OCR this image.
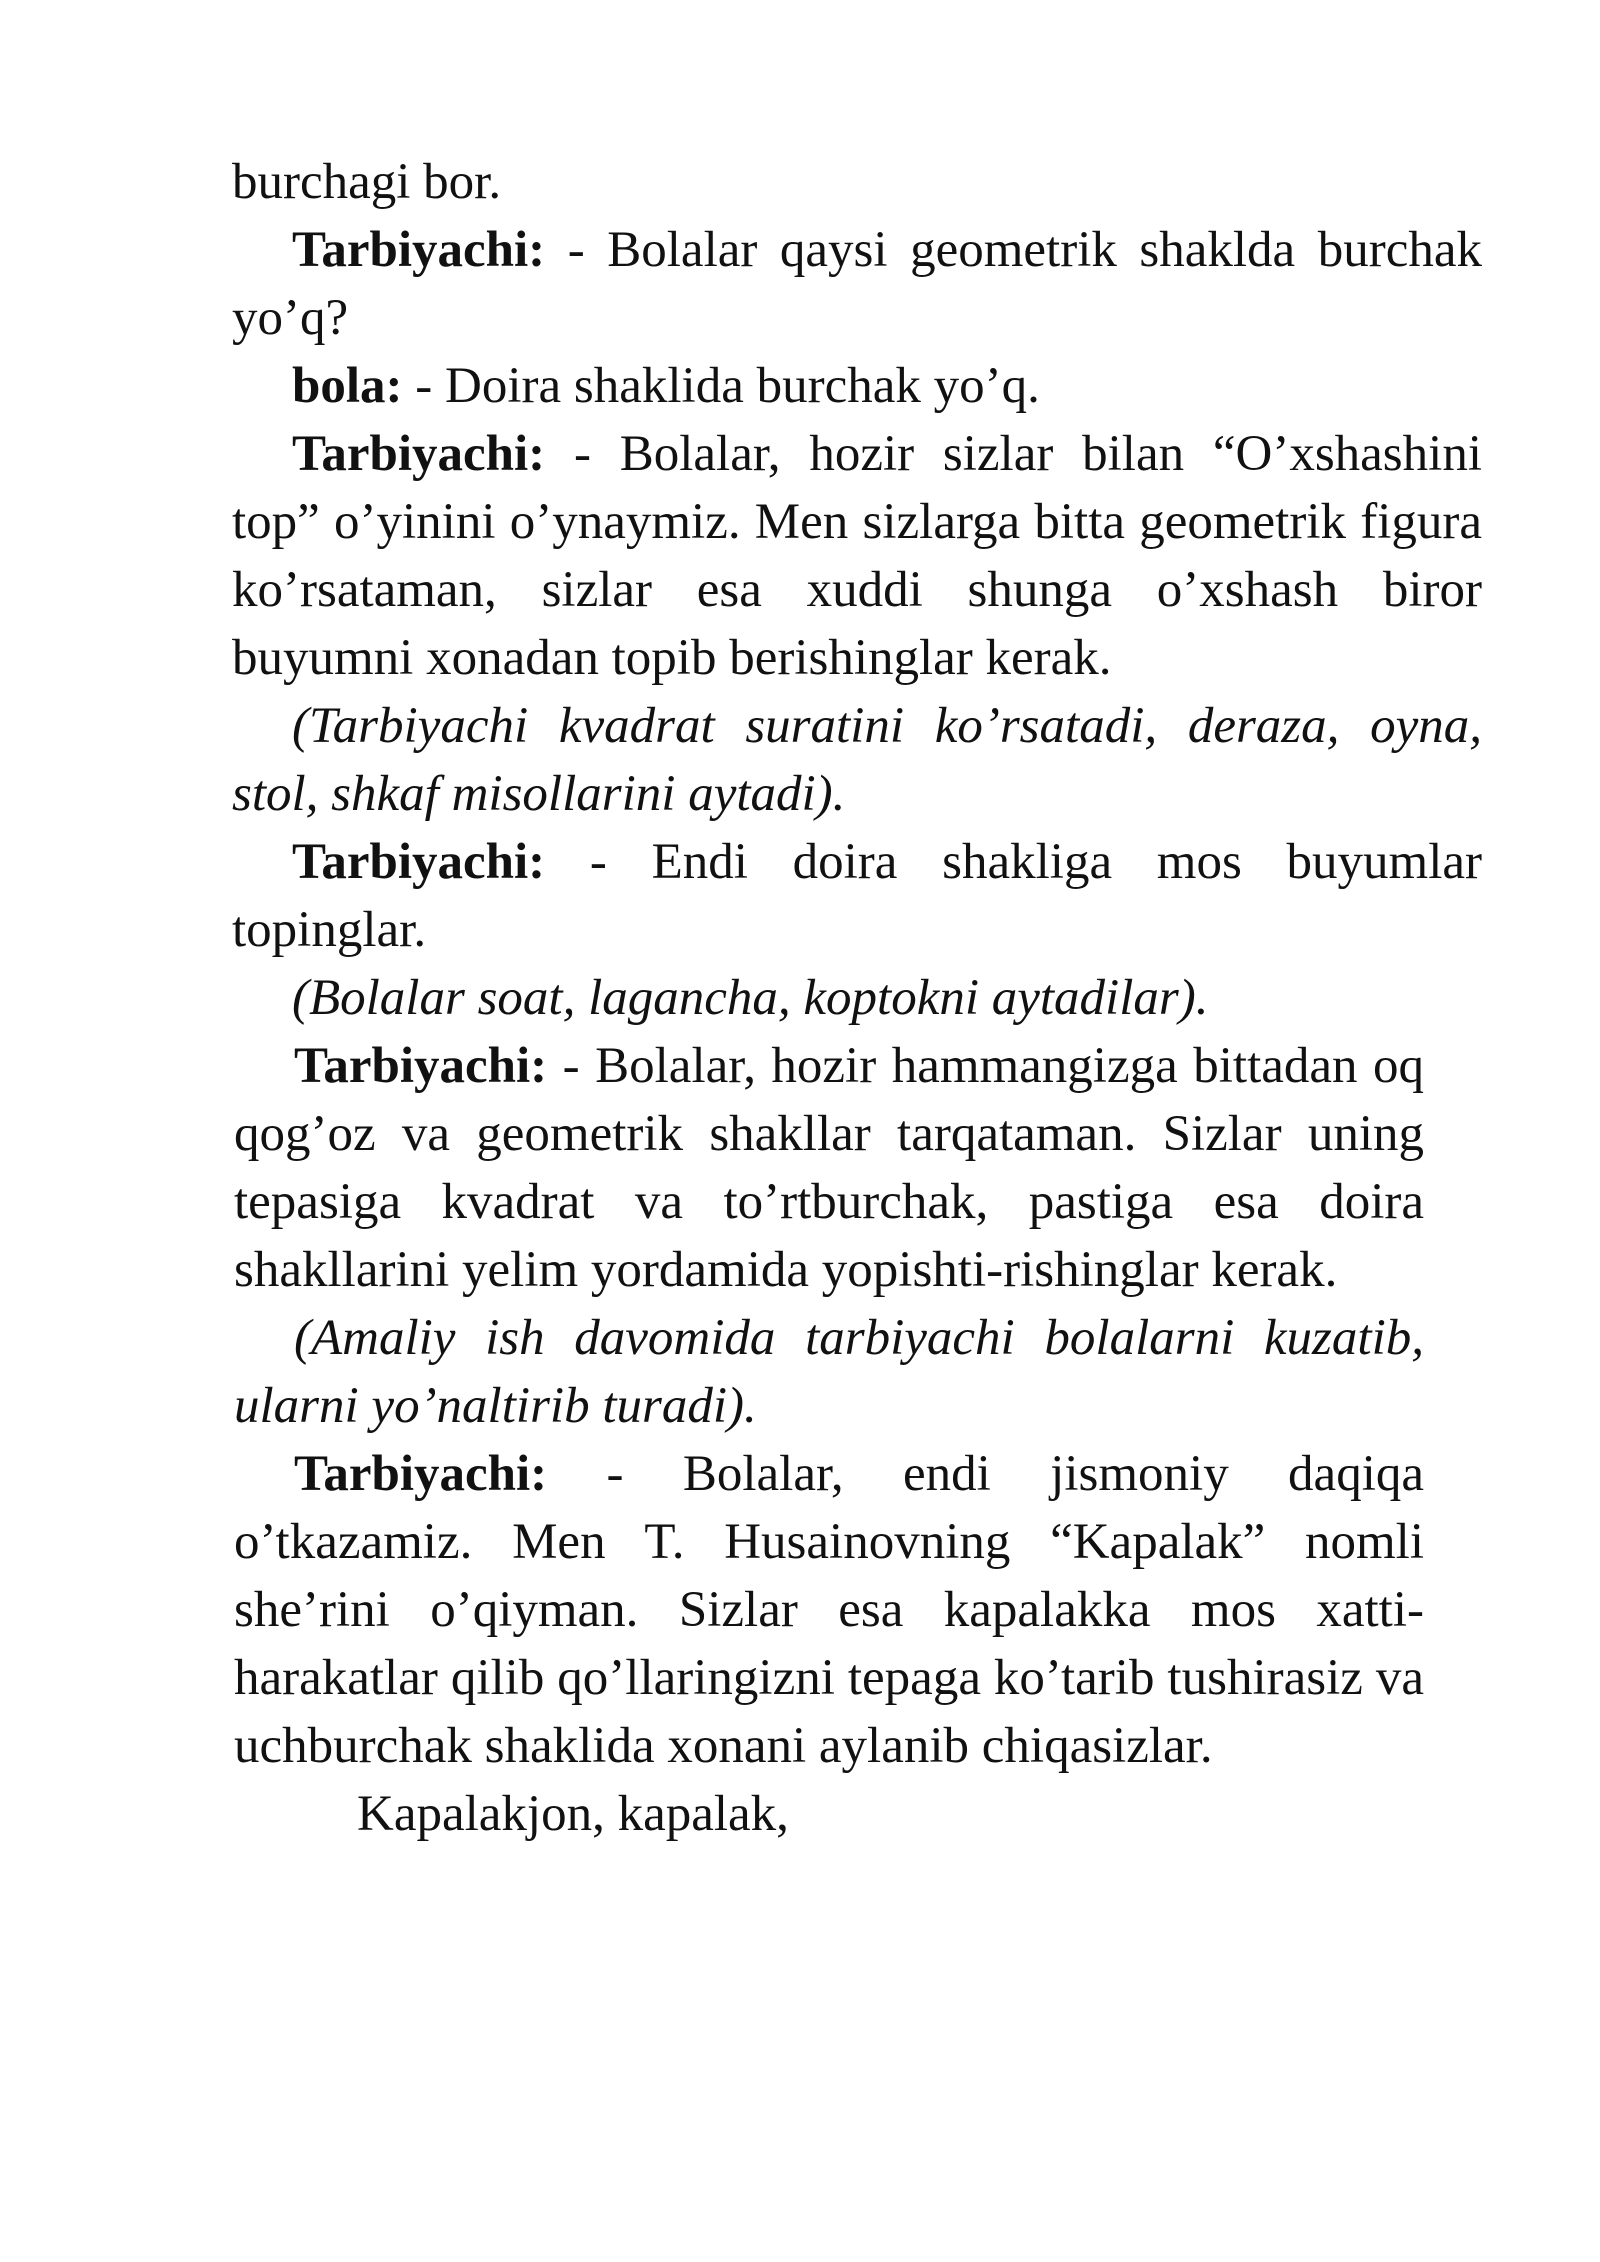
burchagi bor.

Tarbiyachi: - Bolalar qaysi geometrik shaklda burchak yo’q?

bola: - Doira shaklida burchak yo’q.

Tarbiyachi: - Bolalar, hozir sizlar bilan “O’xshashini top” o’yinini o’ynaymiz. Men sizlarga bitta geometrik figura ko’rsataman, sizlar esa xuddi shunga o’xshash biror buyumni xonadan topib berishinglar kerak.

(Tarbiyachi kvadrat suratini ko’rsatadi, deraza, oyna, stol, shkaf misollarini aytadi).

Tarbiyachi: - Endi doira shakliga mos buyumlar topinglar.

(Bolalar soat, lagancha, koptokni aytadilar).

Tarbiyachi: - Bolalar, hozir hammangizga bittadan oq qog’oz va geometrik shakllar tarqataman. Sizlar uning tepasiga kvadrat va to’rtburchak, pastiga esa doira shakllarini yelim yordamida yopishti-rishinglar kerak.

(Amaliy ish davomida tarbiyachi bolalarni kuzatib, ularni yo’naltirib turadi).

Tarbiyachi: - Bolalar, endi jismoniy daqiqa o’tkazamiz. Men T. Husainovning “Kapalak” nomli she’rini o’qiyman. Sizlar esa kapalakka mos xatti-harakatlar qilib qo’llaringizni tepaga ko’tarib tushirasiz va uchburchak shaklida xonani aylanib chiqasizlar.

Kapalakjon, kapalak,
